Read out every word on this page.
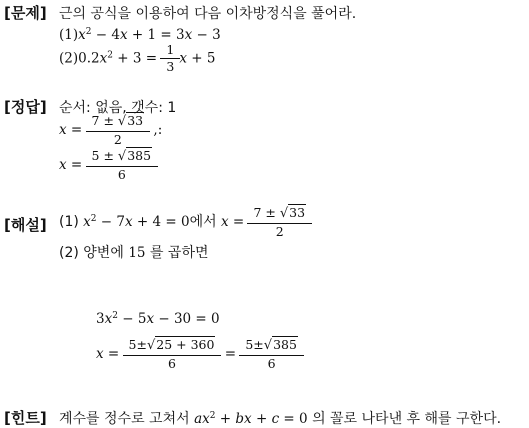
[문제] 근의 공식을 이용하여 다음 이차방정식을 풀어라.
$(1)x^2 - 4x + 1 = 3x - 3$
$(2)0.2x^2 + 3 = \frac{1}{3}$ x + 5
[정답] 순서: 없음, 갯수: 1
$x = \frac{7 \pm √33}{2}$ ,:
$x = \frac{5 \pm √385}{6}$
[해설] (1) $x^2 - 7x + 4 = 0$에서 $x = \frac{7 \pm √33}{2}$
(2) 양변에 15 를 곱하면
$3x^2 - 5x - 30 = 0$
$x = \frac{5\pm√25 + 360}{6} = \frac{5\pm√385}{6}$
[힌트] 계수를 정수로 고쳐서 $ax^2$ + bx + c = 0 의 꼴로 나타낸 후 해를 구한다.
